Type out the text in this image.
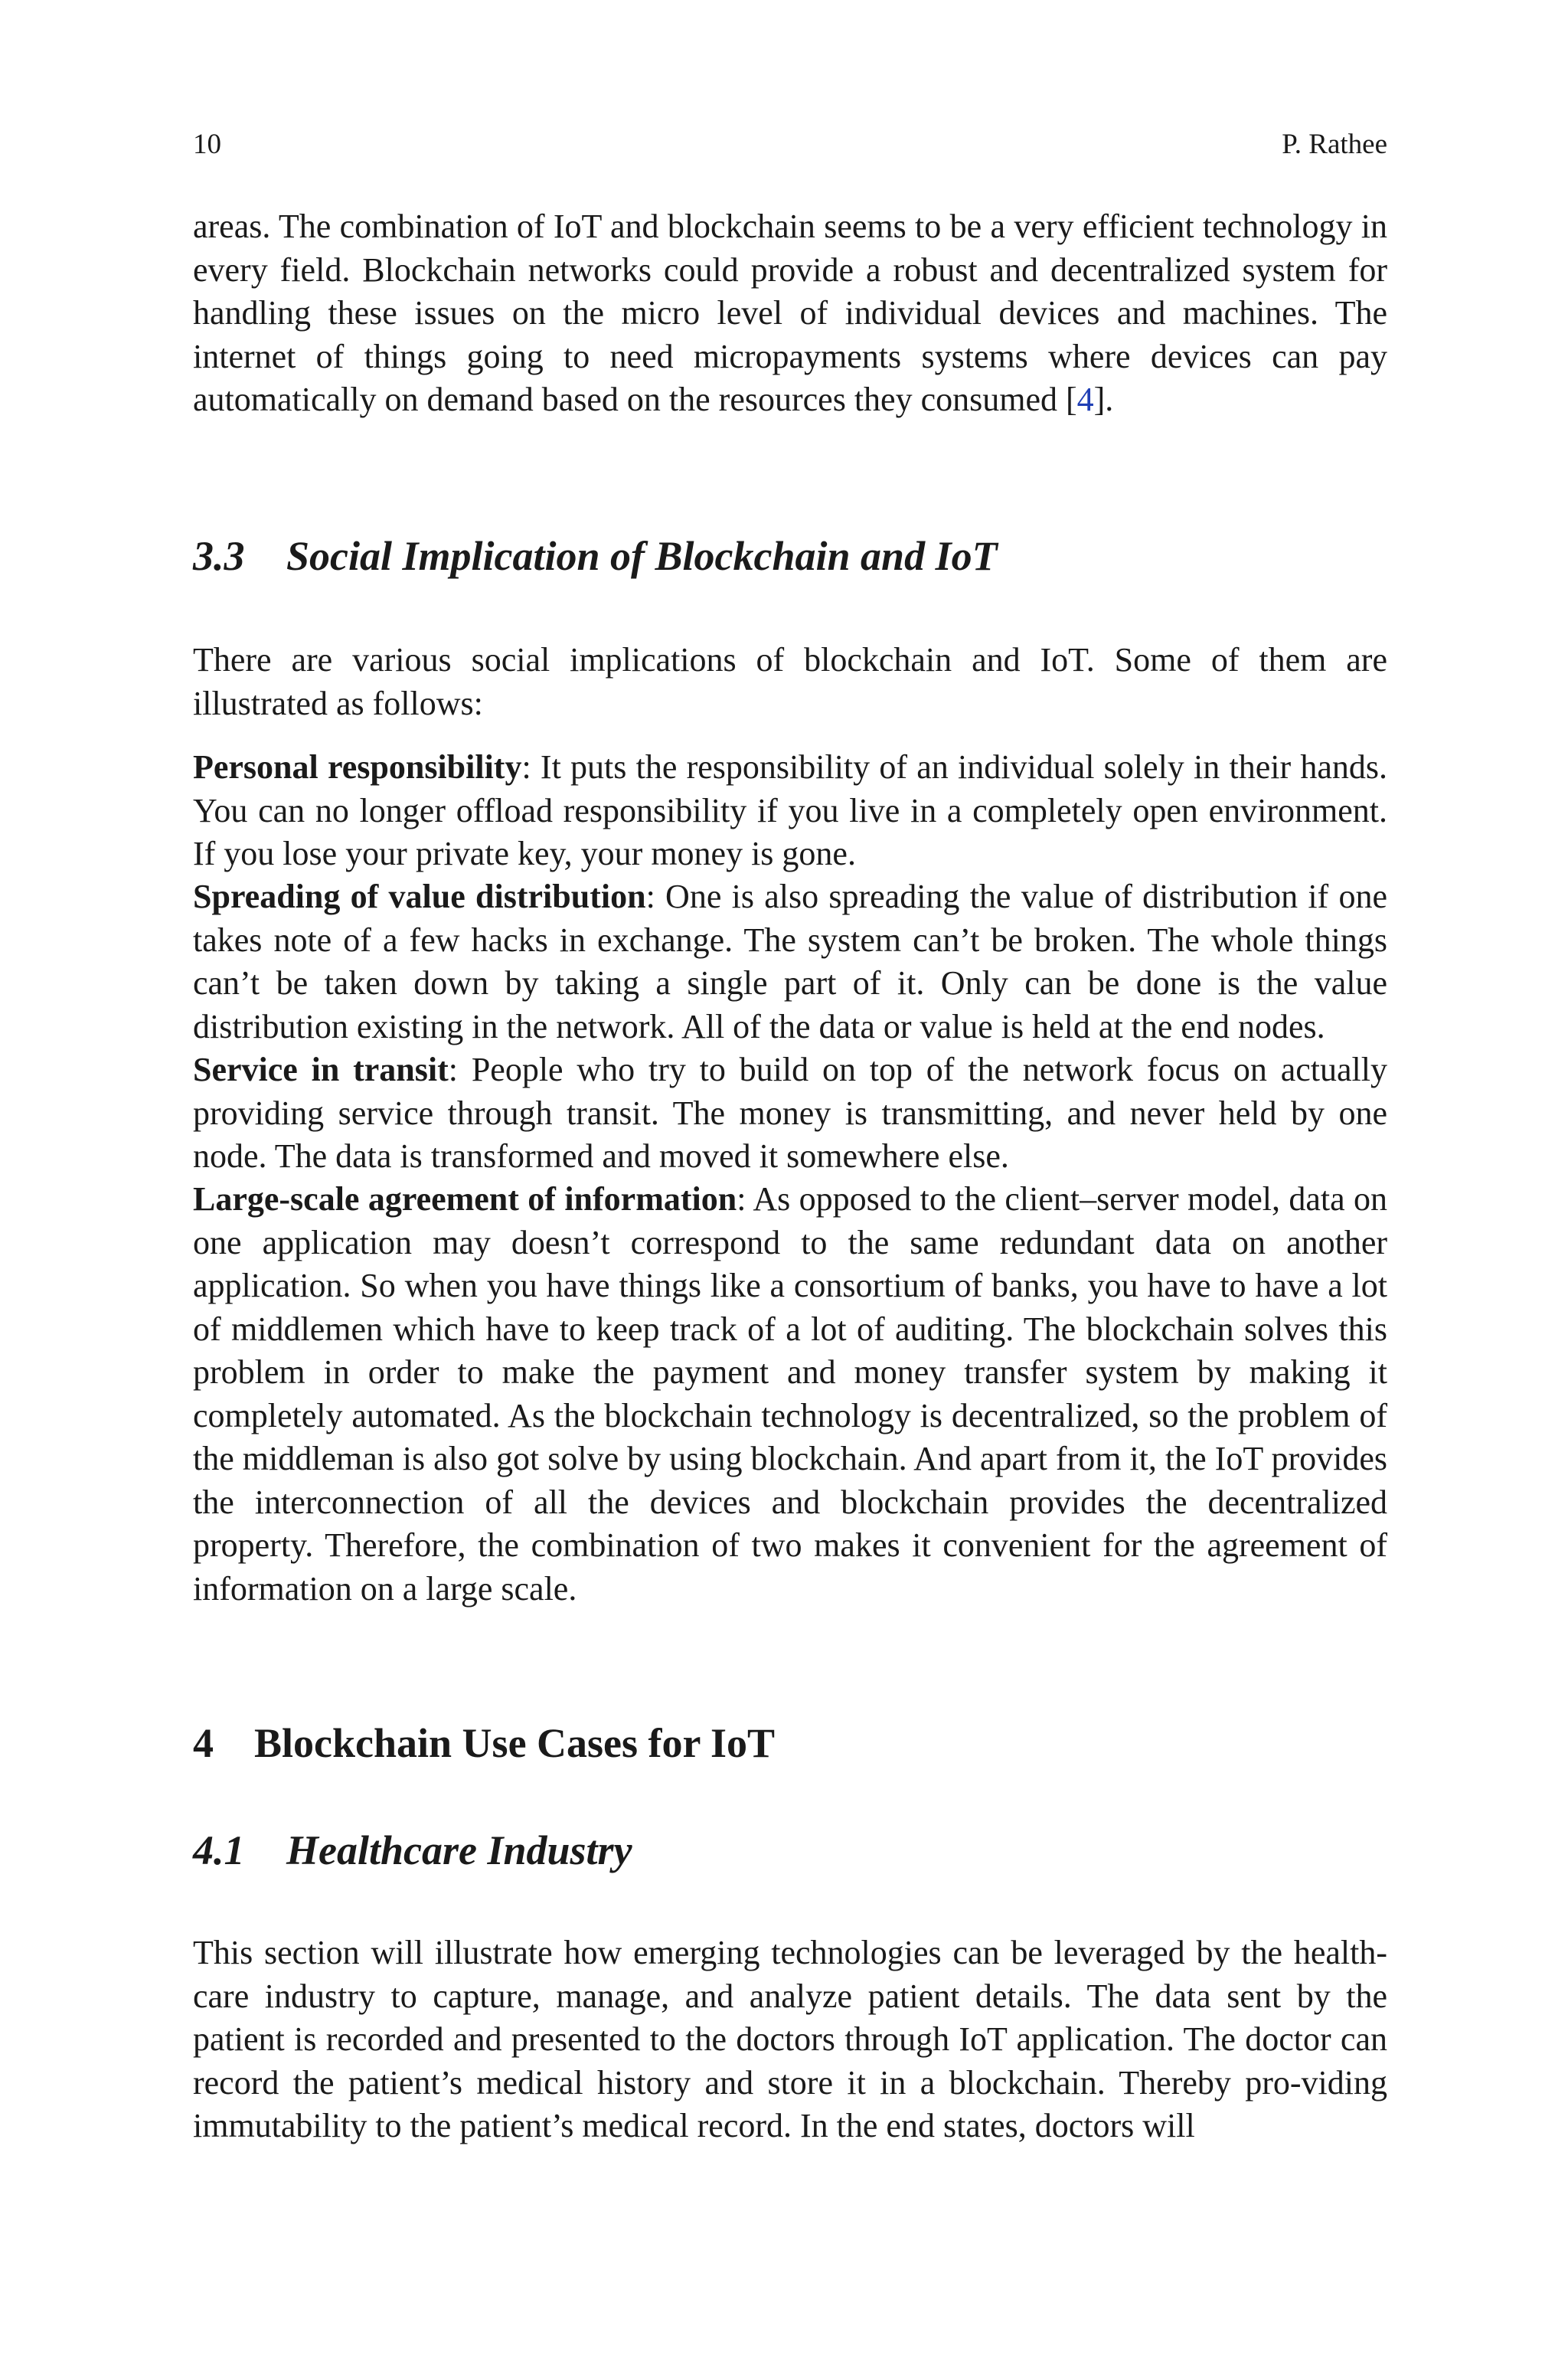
10	P. Rathee

areas. The combination of IoT and blockchain seems to be a very efficient technology in every field. Blockchain networks could provide a robust and decentralized system for handling these issues on the micro level of individual devices and machines. The internet of things going to need micropayments systems where devices can pay automatically on demand based on the resources they consumed [4].

3.3 Social Implication of Blockchain and IoT

There are various social implications of blockchain and IoT. Some of them are illustrated as follows:

Personal responsibility: It puts the responsibility of an individual solely in their hands. You can no longer offload responsibility if you live in a completely open environment. If you lose your private key, your money is gone.

Spreading of value distribution: One is also spreading the value of distribution if one takes note of a few hacks in exchange. The system can’t be broken. The whole things can’t be taken down by taking a single part of it. Only can be done is the value distribution existing in the network. All of the data or value is held at the end nodes.

Service in transit: People who try to build on top of the network focus on actually providing service through transit. The money is transmitting, and never held by one node. The data is transformed and moved it somewhere else.

Large-scale agreement of information: As opposed to the client–server model, data on one application may doesn’t correspond to the same redundant data on another application. So when you have things like a consortium of banks, you have to have a lot of middlemen which have to keep track of a lot of auditing. The blockchain solves this problem in order to make the payment and money transfer system by making it completely automated. As the blockchain technology is decentralized, so the problem of the middleman is also got solve by using blockchain. And apart from it, the IoT provides the interconnection of all the devices and blockchain provides the decentralized property. Therefore, the combination of two makes it convenient for the agreement of information on a large scale.

4 Blockchain Use Cases for IoT
4.1 Healthcare Industry

This section will illustrate how emerging technologies can be leveraged by the health-care industry to capture, manage, and analyze patient details. The data sent by the patient is recorded and presented to the doctors through IoT application. The doctor can record the patient’s medical history and store it in a blockchain. Thereby pro-viding immutability to the patient’s medical record. In the end states, doctors will
